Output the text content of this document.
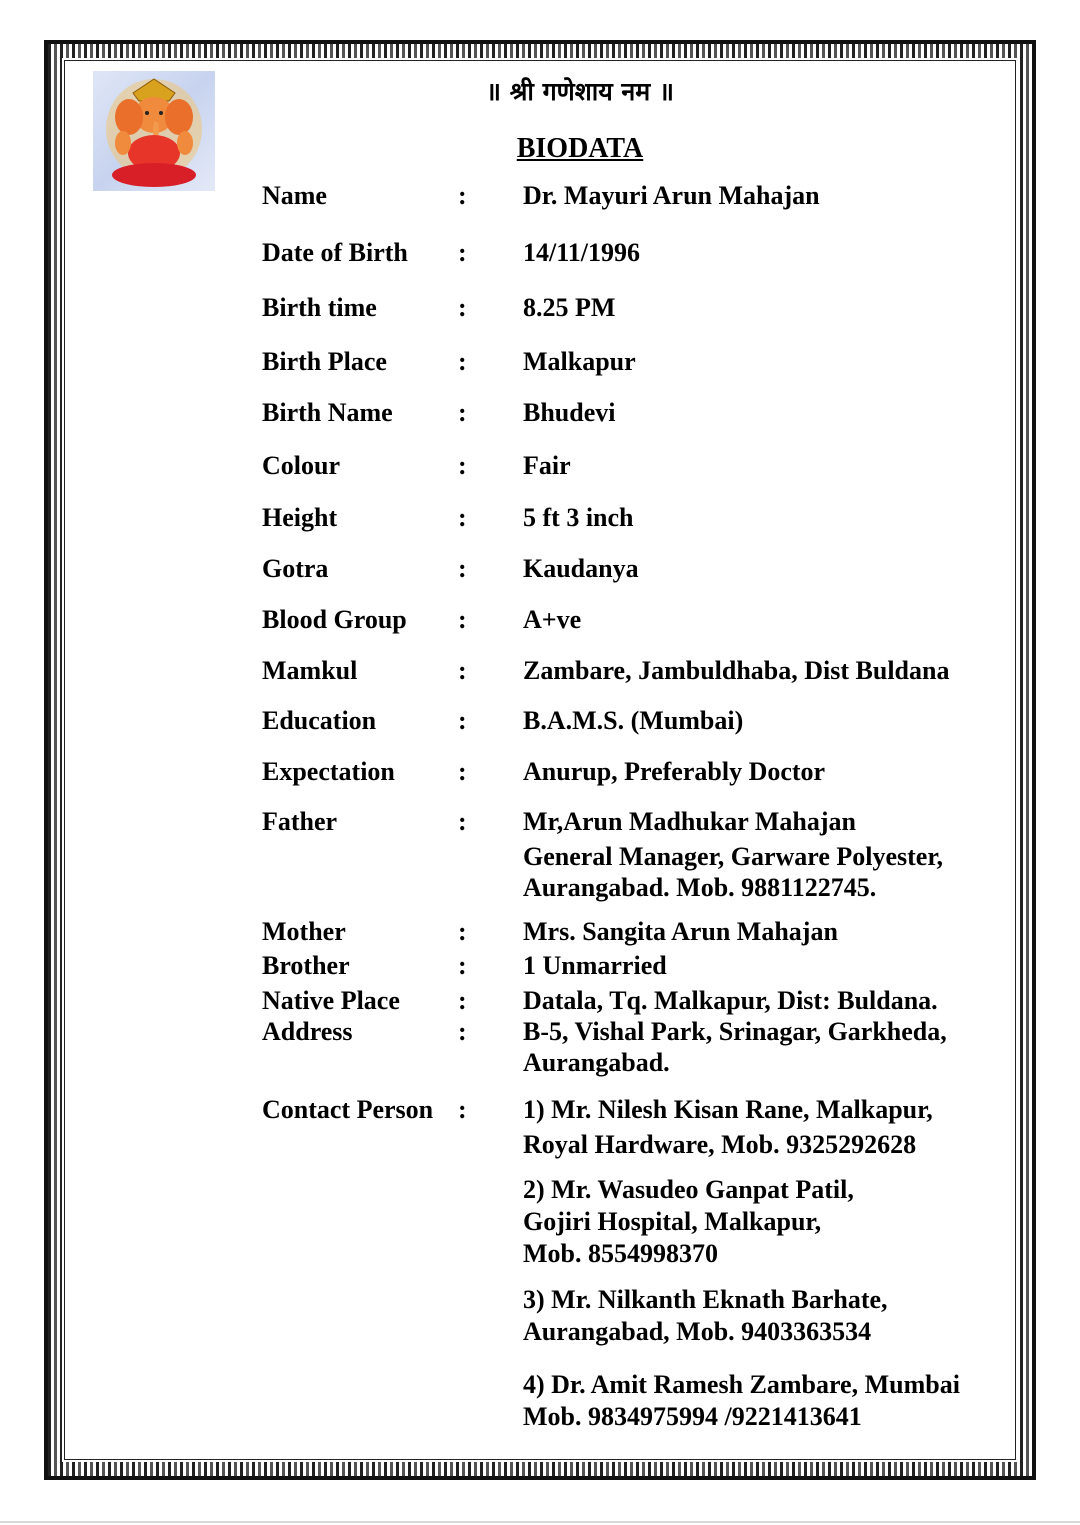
॥ श्री गणेशाय नम ॥
BIODATA
Name	: Dr. Mayuri Arun Mahajan
Date of Birth : 14/11/1996
Birth time	: 8.25 PM
Birth Place	: Malkapur
Birth Name	: Bhudevi
Colour	: Fair
Height	: 5 ft 3 inch
Gotra	: Kaudanya
Blood Group : A+ve
Mamkul	: Zambare, Jambuldhaba, Dist Buldana
Education	: B.A.M.S. (Mumbai)
Expectation : Anurup, Preferably Doctor
Father	: Mr,Arun Madhukar Mahajan
General Manager, Garware Polyester,
Aurangabad. Mob. 9881122745.
Mother	: Mrs. Sangita Arun Mahajan
Brother	: 1 Unmarried
Native Place : Datala, Tq. Malkapur, Dist: Buldana.
Address	: B-5, Vishal Park, Srinagar, Garkheda,
Aurangabad.
Contact Person : 1) Mr. Nilesh Kisan Rane, Malkapur,
Royal Hardware, Mob. 9325292628
2) Mr. Wasudeo Ganpat Patil,
Gojiri Hospital, Malkapur,
Mob. 8554998370
3) Mr. Nilkanth Eknath Barhate,
Aurangabad, Mob. 9403363534
4) Dr. Amit Ramesh Zambare, Mumbai
Mob. 9834975994 /9221413641
